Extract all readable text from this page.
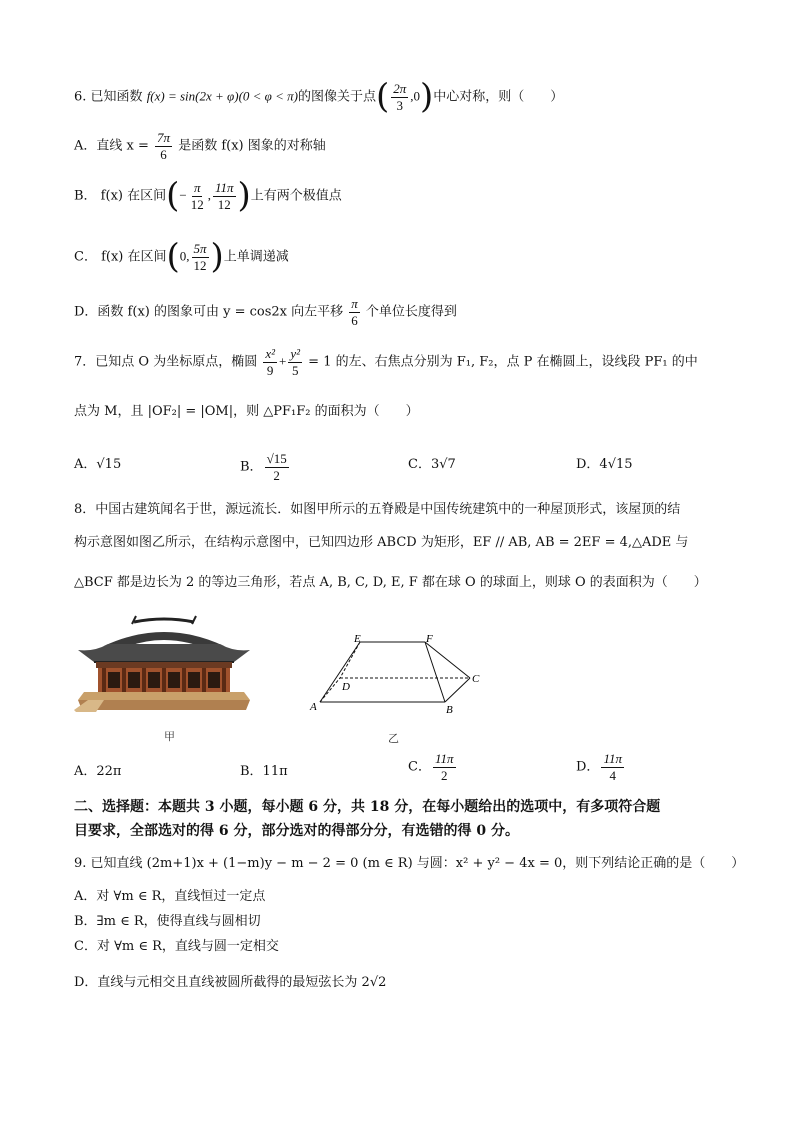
6. 已知函数 f(x) = sin(2x + φ)(0 < φ < π)的图像关于点( $\frac{2\pi}{3} ,0$)中心对称，则（　　）
A．直线 $x = \frac{7\pi}{6}$ 是函数 f(x) 图象的对称轴
B． f(x) 在区间(− $\frac{\pi}{12}$ , $\frac{11\pi}{12}$ )上有两个极值点
C． f(x) 在区间(0, $\frac{5\pi}{12}$ )上单调递减
D．函数 f(x) 的图象可由 y = cos2x 向左平移 $\frac{\pi}{6}$ 个单位长度得到
7．已知点 O 为坐标原点，椭圆 $\frac{\text{x²}}{9} + \frac{\text{y²}}{5} = 1$ 的左、右焦点分别为 F₁, F₂，点 P 在椭圆上，设线段 PF₁ 的中
点为 M，且 |OF₂| = |OM|，则 △PF₁F₂ 的面积为（　　）
A．√15	B． $\frac{√15}{2}$	C．3√7	D．4√15
8．中国古建筑闻名于世，源远流长．如图甲所示的五脊殿是中国传统建筑中的一种屋顶形式，该屋顶的结
构示意图如图乙所示，在结构示意图中，已知四边形 ABCD 为矩形，EF // AB, AB = 2EF = 4,△ADE 与
△BCF 都是边长为 2 的等边三角形，若点 A, B, C, D, E, F 都在球 O 的球面上，则球 O 的表面积为（　　）
甲
E	F
D
C
A	B
乙
A．22π	B．11π	C． $\frac{11\pi}{2}$	D． $\frac{11\pi}{4}$
二、选择题：本题共 3 小题，每小题 6 分，共 18 分，在每小题给出的选项中，有多项符合题
目要求，全部选对的得 6 分，部分选对的得部分分，有选错的得 0 分。
9. 已知直线 (2m+1)x + (1−m)y − m − 2 = 0 (m ∈ R) 与圆：x² + y² − 4x = 0，则下列结论正确的是（　　）
A．对 ∀m ∈ R，直线恒过一定点
B．∃m ∈ R，使得直线与圆相切
C．对 ∀m ∈ R，直线与圆一定相交
D．直线与元相交且直线被圆所截得的最短弦长为 2√2
